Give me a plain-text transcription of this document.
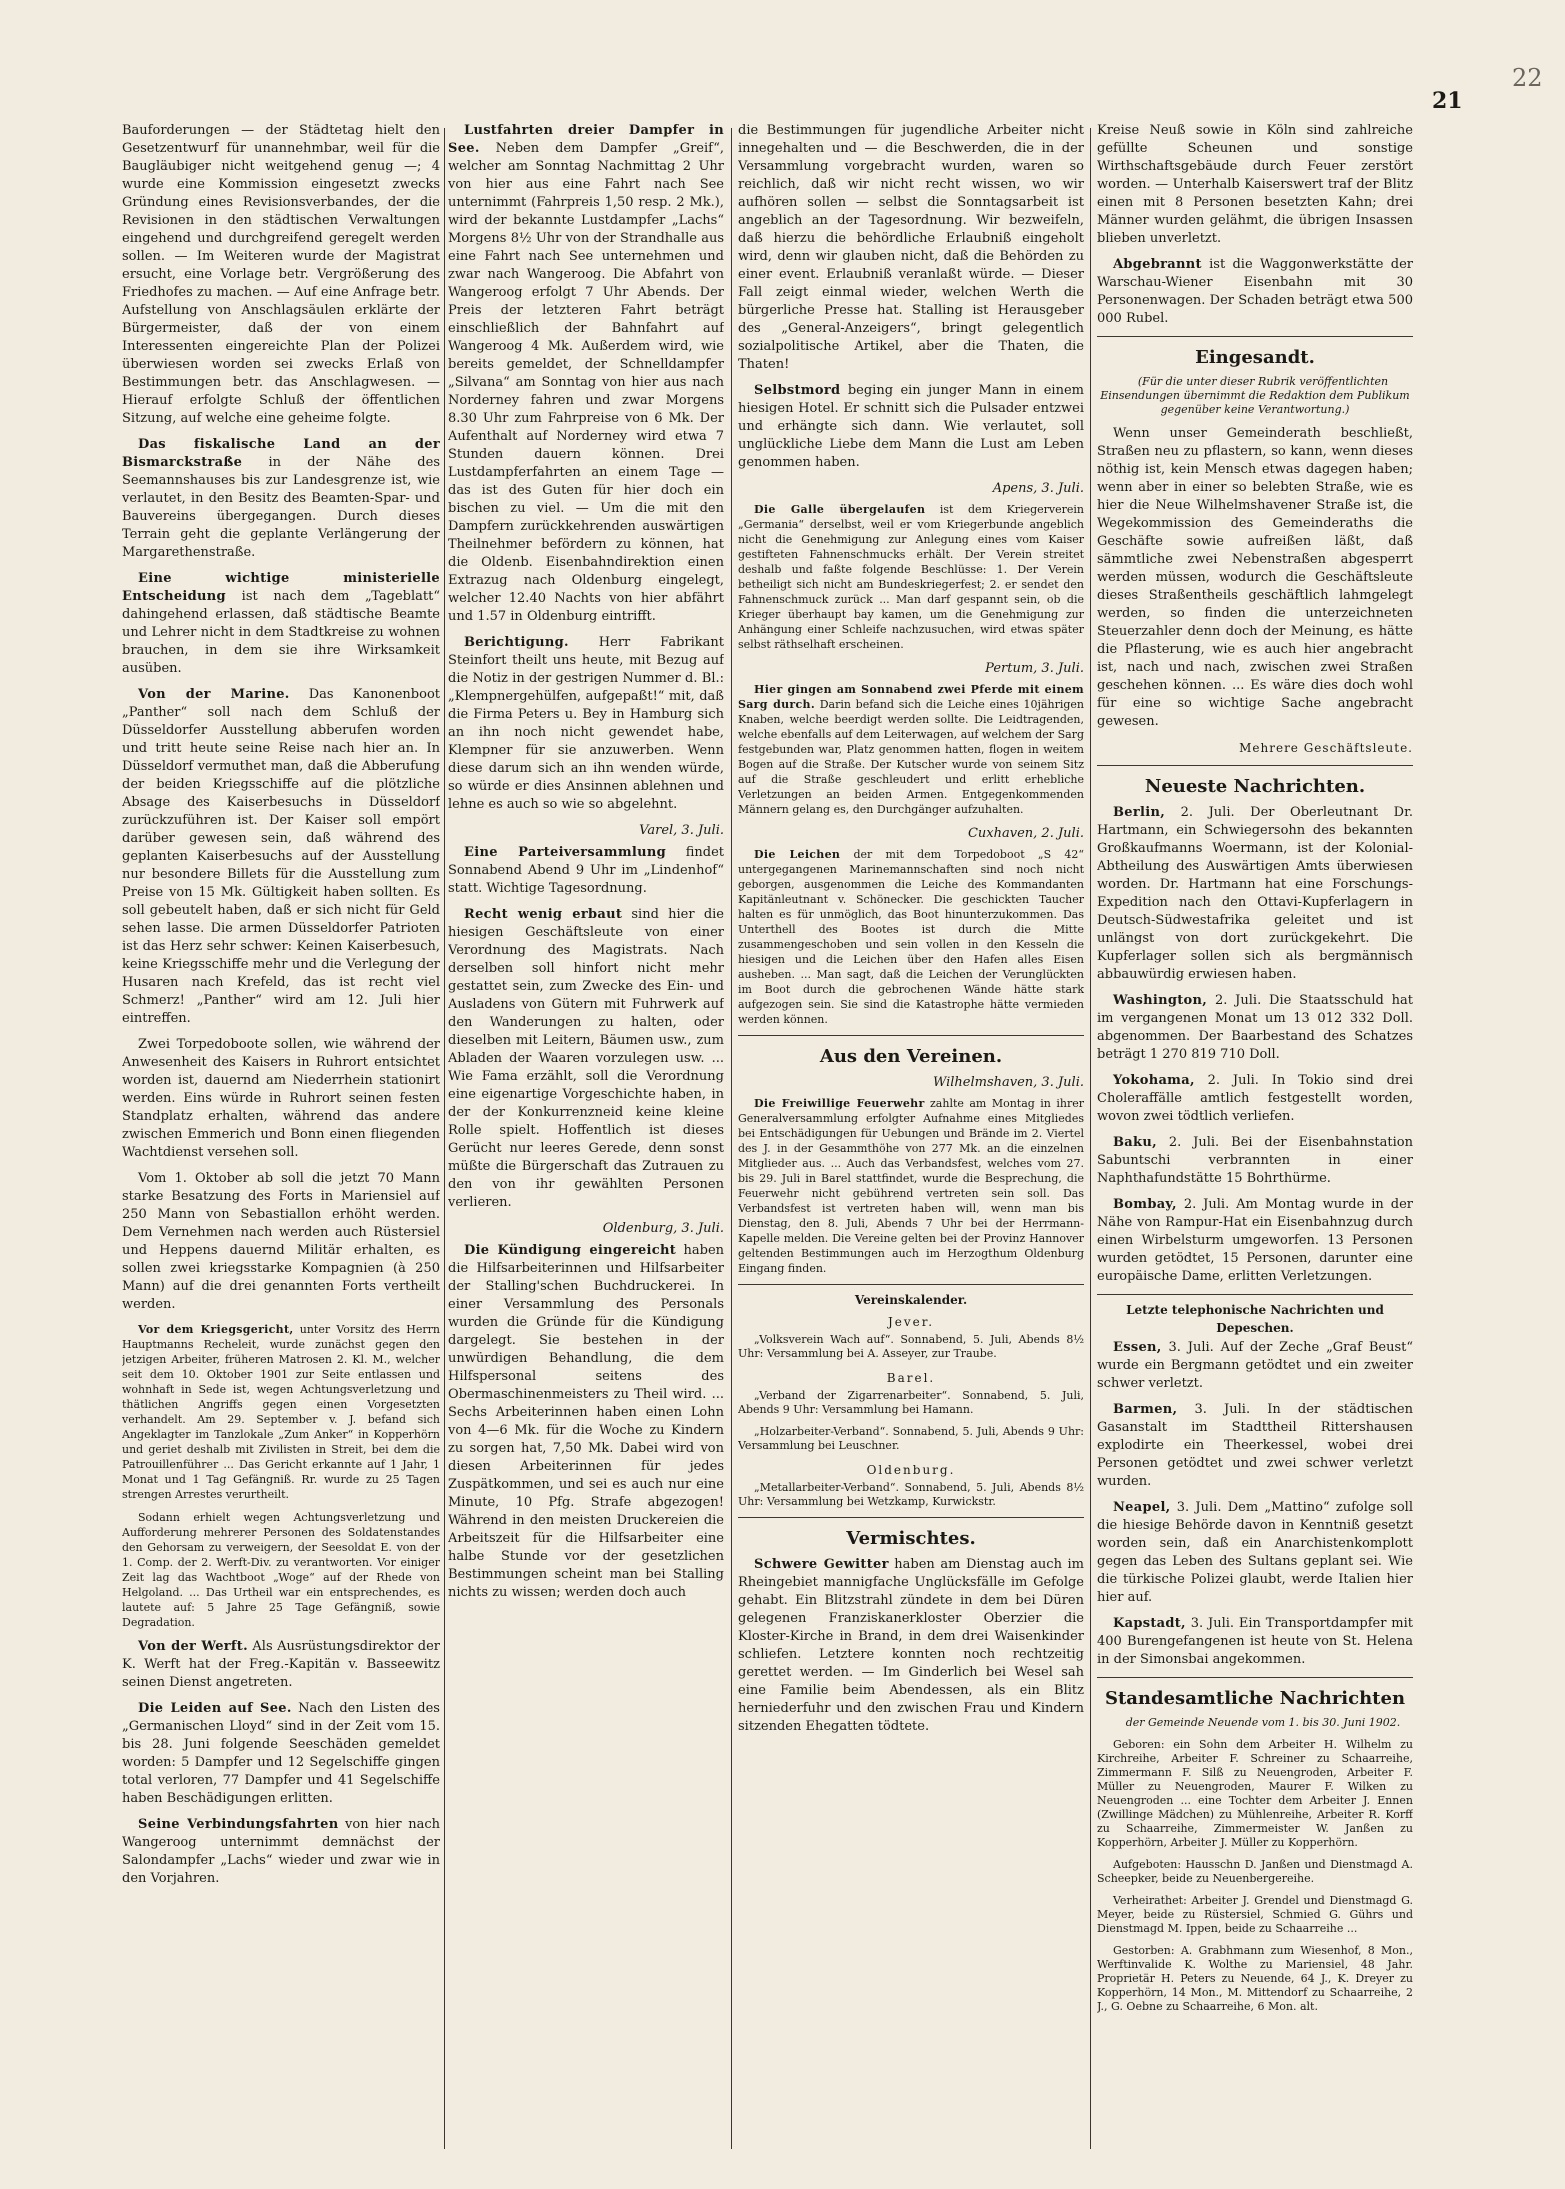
22
21

Bauforderungen — der Städtetag hielt den Gesetzentwurf für unannehmbar, weil für die Baugläubiger nicht weitgehend genug —; 4 wurde eine Kommission eingesetzt zwecks Gründung eines Revisionsverbandes, der die Revisionen in den städtischen Verwaltungen eingehend und durchgreifend geregelt werden sollen. — Im Weiteren wurde der Magistrat ersucht, eine Vorlage betr. Vergrößerung des Friedhofes zu machen. — Auf eine Anfrage betr. Aufstellung von Anschlagsäulen erklärte der Bürgermeister, daß der von einem Interessenten eingereichte Plan der Polizei überwiesen worden sei zwecks Erlaß von Bestimmungen betr. das Anschlagwesen. — Hierauf erfolgte Schluß der öffentlichen Sitzung, auf welche eine geheime folgte.

Das fiskalische Land an der Bismarckstraße in der Nähe des Seemannshauses bis zur Landesgrenze ist, wie verlautet, in den Besitz des Beamten-Spar- und Bauvereins übergegangen. Durch dieses Terrain geht die geplante Verlängerung der Margarethenstraße.

Eine wichtige ministerielle Entscheidung ist nach dem „Tageblatt“ dahingehend erlassen, daß städtische Beamte und Lehrer nicht in dem Stadtkreise zu wohnen brauchen, in dem sie ihre Wirksamkeit ausüben.

Von der Marine. Das Kanonenboot „Panther“ soll nach dem Schluß der Düsseldorfer Ausstellung abberufen worden und tritt heute seine Reise nach hier an. In Düsseldorf vermuthet man, daß die Abberufung der beiden Kriegsschiffe auf die plötzliche Absage des Kaiserbesuchs in Düsseldorf zurückzuführen ist. Der Kaiser soll empört darüber gewesen sein, daß während des geplanten Kaiserbesuchs auf der Ausstellung nur besondere Billets für die Ausstellung zum Preise von 15 Mk. Gültigkeit haben sollten. Es soll gebeutelt haben, daß er sich nicht für Geld sehen lasse. Die armen Düsseldorfer Patrioten ist das Herz sehr schwer: Keinen Kaiserbesuch, keine Kriegsschiffe mehr und die Verlegung der Husaren nach Krefeld, das ist recht viel Schmerz! „Panther“ wird am 12. Juli hier eintreffen.

Zwei Torpedoboote sollen, wie während der Anwesenheit des Kaisers in Ruhrort entsichtet worden ist, dauernd am Niederrhein stationirt werden. Eins würde in Ruhrort seinen festen Standplatz erhalten, während das andere zwischen Emmerich und Bonn einen fliegenden Wachtdienst versehen soll.

Vom 1. Oktober ab soll die jetzt 70 Mann starke Besatzung des Forts in Mariensiel auf 250 Mann von Sebastiallon erhöht werden. Dem Vernehmen nach werden auch Rüstersiel und Heppens dauernd Militär erhalten, es sollen zwei kriegsstarke Kompagnien (à 250 Mann) auf die drei genannten Forts vertheilt werden.

Vor dem Kriegsgericht, unter Vorsitz des Herrn Hauptmanns Recheleit, wurde zunächst gegen den jetzigen Arbeiter, früheren Matrosen 2. Kl. M., welcher seit dem 10. Oktober 1901 zur Seite entlassen und wohnhaft in Sede ist, wegen Achtungsverletzung und thätlichen Angriffs gegen einen Vorgesetzten verhandelt. Am 29. September v. J. befand sich Angeklagter im Tanzlokale „Zum Anker“ in Kopperhörn und geriet deshalb mit Zivilisten in Streit, bei dem die Patrouillenführer ... Das Gericht erkannte auf 1 Jahr, 1 Monat und 1 Tag Gefängniß. Rr. wurde zu 25 Tagen strengen Arrestes verurtheilt.

Sodann erhielt wegen Achtungsverletzung und Aufforderung mehrerer Personen des Soldatenstandes den Gehorsam zu verweigern, der Seesoldat E. von der 1. Comp. der 2. Werft-Div. zu verantworten. Vor einiger Zeit lag das Wachtboot „Woge“ auf der Rhede von Helgoland. ... Das Urtheil war ein entsprechendes, es lautete auf: 5 Jahre 25 Tage Gefängniß, sowie Degradation.

Von der Werft. Als Ausrüstungsdirektor der K. Werft hat der Freg.-Kapitän v. Basseewitz seinen Dienst angetreten.

Die Leiden auf See. Nach den Listen des „Germanischen Lloyd“ sind in der Zeit vom 15. bis 28. Juni folgende Seeschäden gemeldet worden: 5 Dampfer und 12 Segelschiffe gingen total verloren, 77 Dampfer und 41 Segelschiffe haben Beschädigungen erlitten.

Seine Verbindungsfahrten von hier nach Wangeroog unternimmt demnächst der Salondampfer „Lachs“ wieder und zwar wie in den Vorjahren.

Lustfahrten dreier Dampfer in See. Neben dem Dampfer „Greif“, welcher am Sonntag Nachmittag 2 Uhr von hier aus eine Fahrt nach See unternimmt (Fahrpreis 1,50 resp. 2 Mk.), wird der bekannte Lustdampfer „Lachs“ Morgens 8½ Uhr von der Strandhalle aus eine Fahrt nach See unternehmen und zwar nach Wangeroog. Die Abfahrt von Wangeroog erfolgt 7 Uhr Abends. Der Preis der letzteren Fahrt beträgt einschließlich der Bahnfahrt auf Wangeroog 4 Mk. Außerdem wird, wie bereits gemeldet, der Schnelldampfer „Silvana“ am Sonntag von hier aus nach Norderney fahren und zwar Morgens 8.30 Uhr zum Fahrpreise von 6 Mk. Der Aufenthalt auf Norderney wird etwa 7 Stunden dauern können. Drei Lustdampferfahrten an einem Tage — das ist des Guten für hier doch ein bischen zu viel. — Um die mit den Dampfern zurückkehrenden auswärtigen Theilnehmer befördern zu können, hat die Oldenb. Eisenbahndirektion einen Extrazug nach Oldenburg eingelegt, welcher 12.40 Nachts von hier abfährt und 1.57 in Oldenburg eintrifft.

Berichtigung. Herr Fabrikant Steinfort theilt uns heute, mit Bezug auf die Notiz in der gestrigen Nummer d. Bl.: „Klempnergehülfen, aufgepaßt!“ mit, daß die Firma Peters u. Bey in Hamburg sich an ihn noch nicht gewendet habe, Klempner für sie anzuwerben. Wenn diese darum sich an ihn wenden würde, so würde er dies Ansinnen ablehnen und lehne es auch so wie so abgelehnt.

Varel, 3. Juli.

Eine Parteiversammlung findet Sonnabend Abend 9 Uhr im „Lindenhof“ statt. Wichtige Tagesordnung.

Recht wenig erbaut sind hier die hiesigen Geschäftsleute von einer Verordnung des Magistrats. Nach derselben soll hinfort nicht mehr gestattet sein, zum Zwecke des Ein- und Ausladens von Gütern mit Fuhrwerk auf den Wanderungen zu halten, oder dieselben mit Leitern, Bäumen usw., zum Abladen der Waaren vorzulegen usw. ... Wie Fama erzählt, soll die Verordnung eine eigenartige Vorgeschichte haben, in der der Konkurrenzneid keine kleine Rolle spielt. Hoffentlich ist dieses Gerücht nur leeres Gerede, denn sonst müßte die Bürgerschaft das Zutrauen zu den von ihr gewählten Personen verlieren.

Oldenburg, 3. Juli.

Die Kündigung eingereicht haben die Hilfsarbeiterinnen und Hilfsarbeiter der Stalling'schen Buchdruckerei. In einer Versammlung des Personals wurden die Gründe für die Kündigung dargelegt. Sie bestehen in der unwürdigen Behandlung, die dem Hilfspersonal seitens des Obermaschinenmeisters zu Theil wird. ... Sechs Arbeiterinnen haben einen Lohn von 4—6 Mk. für die Woche zu Kindern zu sorgen hat, 7,50 Mk. Dabei wird von diesen Arbeiterinnen für jedes Zuspätkommen, und sei es auch nur eine Minute, 10 Pfg. Strafe abgezogen! Während in den meisten Druckereien die Arbeitszeit für die Hilfsarbeiter eine halbe Stunde vor der gesetzlichen Bestimmungen scheint man bei Stalling nichts zu wissen; werden doch auch

die Bestimmungen für jugendliche Arbeiter nicht innegehalten und — die Beschwerden, die in der Versammlung vorgebracht wurden, waren so reichlich, daß wir nicht recht wissen, wo wir aufhören sollen — selbst die Sonntagsarbeit ist angeblich an der Tagesordnung. Wir bezweifeln, daß hierzu die behördliche Erlaubniß eingeholt wird, denn wir glauben nicht, daß die Behörden zu einer event. Erlaubniß veranlaßt würde. — Dieser Fall zeigt einmal wieder, welchen Werth die bürgerliche Presse hat. Stalling ist Herausgeber des „General-Anzeigers“, bringt gelegentlich sozialpolitische Artikel, aber die Thaten, die Thaten!

Selbstmord beging ein junger Mann in einem hiesigen Hotel. Er schnitt sich die Pulsader entzwei und erhängte sich dann. Wie verlautet, soll unglückliche Liebe dem Mann die Lust am Leben genommen haben.

Apens, 3. Juli.

Die Galle übergelaufen ist dem Kriegerverein „Germania“ derselbst, weil er vom Kriegerbunde angeblich nicht die Genehmigung zur Anlegung eines vom Kaiser gestifteten Fahnenschmucks erhält. Der Verein streitet deshalb und faßte folgende Beschlüsse: 1. Der Verein betheiligt sich nicht am Bundeskriegerfest; 2. er sendet den Fahnenschmuck zurück ... Man darf gespannt sein, ob die Krieger überhaupt bay kamen, um die Genehmigung zur Anhängung einer Schleife nachzusuchen, wird etwas später selbst räthselhaft erscheinen.

Pertum, 3. Juli.

Hier gingen am Sonnabend zwei Pferde mit einem Sarg durch. Darin befand sich die Leiche eines 10jährigen Knaben, welche beerdigt werden sollte. Die Leidtragenden, welche ebenfalls auf dem Leiterwagen, auf welchem der Sarg festgebunden war, Platz genommen hatten, flogen in weitem Bogen auf die Straße. Der Kutscher wurde von seinem Sitz auf die Straße geschleudert und erlitt erhebliche Verletzungen an beiden Armen. Entgegenkommenden Männern gelang es, den Durchgänger aufzuhalten.

Cuxhaven, 2. Juli.

Die Leichen der mit dem Torpedoboot „S 42“ untergegangenen Marinemannschaften sind noch nicht geborgen, ausgenommen die Leiche des Kommandanten Kapitänleutnant v. Schönecker. Die geschickten Taucher halten es für unmöglich, das Boot hinunterzukommen. Das Unterthell des Bootes ist durch die Mitte zusammengeschoben und sein vollen in den Kesseln die hiesigen und die Leichen über den Hafen alles Eisen ausheben. ... Man sagt, daß die Leichen der Verunglückten im Boot durch die gebrochenen Wände hätte stark aufgezogen sein. Sie sind die Katastrophe hätte vermieden werden können.

Aus den Vereinen.

Wilhelmshaven, 3. Juli.

Die Freiwillige Feuerwehr zahlte am Montag in ihrer Generalversammlung erfolgter Aufnahme eines Mitgliedes bei Entschädigungen für Uebungen und Brände im 2. Viertel des J. in der Gesammthöhe von 277 Mk. an die einzelnen Mitglieder aus. ... Auch das Verbandsfest, welches vom 27. bis 29. Juli in Barel stattfindet, wurde die Besprechung, die Feuerwehr nicht gebührend vertreten sein soll. Das Verbandsfest ist vertreten haben will, wenn man bis Dienstag, den 8. Juli, Abends 7 Uhr bei der Herrmann-Kapelle melden. Die Vereine gelten bei der Provinz Hannover geltenden Bestimmungen auch im Herzogthum Oldenburg Eingang finden.

Vereinskalender.
Jever.

„Volksverein Wach auf“. Sonnabend, 5. Juli, Abends 8½ Uhr: Versammlung bei A. Asseyer, zur Traube.

Barel.

„Verband der Zigarrenarbeiter“. Sonnabend, 5. Juli, Abends 9 Uhr: Versammlung bei Hamann.

„Holzarbeiter-Verband“. Sonnabend, 5. Juli, Abends 9 Uhr: Versammlung bei Leuschner.

Oldenburg.

„Metallarbeiter-Verband“. Sonnabend, 5. Juli, Abends 8½ Uhr: Versammlung bei Wetzkamp, Kurwickstr.

Vermischtes.

Schwere Gewitter haben am Dienstag auch im Rheingebiet mannigfache Unglücksfälle im Gefolge gehabt. Ein Blitzstrahl zündete in dem bei Düren gelegenen Franziskanerkloster Oberzier die Kloster-Kirche in Brand, in dem drei Waisenkinder schliefen. Letztere konnten noch rechtzeitig gerettet werden. — Im Ginderlich bei Wesel sah eine Familie beim Abendessen, als ein Blitz herniederfuhr und den zwischen Frau und Kindern sitzenden Ehegatten tödtete.

Kreise Neuß sowie in Köln sind zahlreiche gefüllte Scheunen und sonstige Wirthschaftsgebäude durch Feuer zerstört worden. — Unterhalb Kaiserswert traf der Blitz einen mit 8 Personen besetzten Kahn; drei Männer wurden gelähmt, die übrigen Insassen blieben unverletzt.

Abgebrannt ist die Waggonwerkstätte der Warschau-Wiener Eisenbahn mit 30 Personenwagen. Der Schaden beträgt etwa 500 000 Rubel.

Eingesandt.

(Für die unter dieser Rubrik veröffentlichten Einsendungen übernimmt die Redaktion dem Publikum gegenüber keine Verantwortung.)

Wenn unser Gemeinderath beschließt, Straßen neu zu pflastern, so kann, wenn dieses nöthig ist, kein Mensch etwas dagegen haben; wenn aber in einer so belebten Straße, wie es hier die Neue Wilhelmshavener Straße ist, die Wegekommission des Gemeinderaths die Geschäfte sowie aufreißen läßt, daß sämmtliche zwei Nebenstraßen abgesperrt werden müssen, wodurch die Geschäftsleute dieses Straßentheils geschäftlich lahmgelegt werden, so finden die unterzeichneten Steuerzahler denn doch der Meinung, es hätte die Pflasterung, wie es auch hier angebracht ist, nach und nach, zwischen zwei Straßen geschehen können. ... Es wäre dies doch wohl für eine so wichtige Sache angebracht gewesen.

Mehrere Geschäftsleute.
Neueste Nachrichten.

Berlin, 2. Juli. Der Oberleutnant Dr. Hartmann, ein Schwiegersohn des bekannten Großkaufmanns Woermann, ist der Kolonial-Abtheilung des Auswärtigen Amts überwiesen worden. Dr. Hartmann hat eine Forschungs-Expedition nach den Ottavi-Kupferlagern in Deutsch-Südwestafrika geleitet und ist unlängst von dort zurückgekehrt. Die Kupferlager sollen sich als bergmännisch abbauwürdig erwiesen haben.

Washington, 2. Juli. Die Staatsschuld hat im vergangenen Monat um 13 012 332 Doll. abgenommen. Der Baarbestand des Schatzes beträgt 1 270 819 710 Doll.

Yokohama, 2. Juli. In Tokio sind drei Choleraffälle amtlich festgestellt worden, wovon zwei tödtlich verliefen.

Baku, 2. Juli. Bei der Eisenbahnstation Sabuntschi verbrannten in einer Naphthafundstätte 15 Bohrthürme.

Bombay, 2. Juli. Am Montag wurde in der Nähe von Rampur-Hat ein Eisenbahnzug durch einen Wirbelsturm umgeworfen. 13 Personen wurden getödtet, 15 Personen, darunter eine europäische Dame, erlitten Verletzungen.

Letzte telephonische Nachrichten und Depeschen.

Essen, 3. Juli. Auf der Zeche „Graf Beust“ wurde ein Bergmann getödtet und ein zweiter schwer verletzt.

Barmen, 3. Juli. In der städtischen Gasanstalt im Stadttheil Rittershausen explodirte ein Theerkessel, wobei drei Personen getödtet und zwei schwer verletzt wurden.

Neapel, 3. Juli. Dem „Mattino“ zufolge soll die hiesige Behörde davon in Kenntniß gesetzt worden sein, daß ein Anarchistenkomplott gegen das Leben des Sultans geplant sei. Wie die türkische Polizei glaubt, werde Italien hier hier auf.

Kapstadt, 3. Juli. Ein Transportdampfer mit 400 Burengefangenen ist heute von St. Helena in der Simonsbai angekommen.

Standesamtliche Nachrichten

der Gemeinde Neuende vom 1. bis 30. Juni 1902.

Geboren: ein Sohn dem Arbeiter H. Wilhelm zu Kirchreihe, Arbeiter F. Schreiner zu Schaarreihe, Zimmermann F. Silß zu Neuengroden, Arbeiter F. Müller zu Neuengroden, Maurer F. Wilken zu Neuengroden ... eine Tochter dem Arbeiter J. Ennen (Zwillinge Mädchen) zu Mühlenreihe, Arbeiter R. Korff zu Schaarreihe, Zimmermeister W. Janßen zu Kopperhörn, Arbeiter J. Müller zu Kopperhörn.

Aufgeboten: Hausschn D. Janßen und Dienstmagd A. Scheepker, beide zu Neuenbergereihe.

Verheirathet: Arbeiter J. Grendel und Dienstmagd G. Meyer, beide zu Rüstersiel, Schmied G. Gührs und Dienstmagd M. Ippen, beide zu Schaarreihe ...

Gestorben: A. Grabhmann zum Wiesenhof, 8 Mon., Werftinvalide K. Wolthe zu Mariensiel, 48 Jahr. Proprietär H. Peters zu Neuende, 64 J., K. Dreyer zu Kopperhörn, 14 Mon., M. Mittendorf zu Schaarreihe, 2 J., G. Oebne zu Schaarreihe, 6 Mon. alt.
